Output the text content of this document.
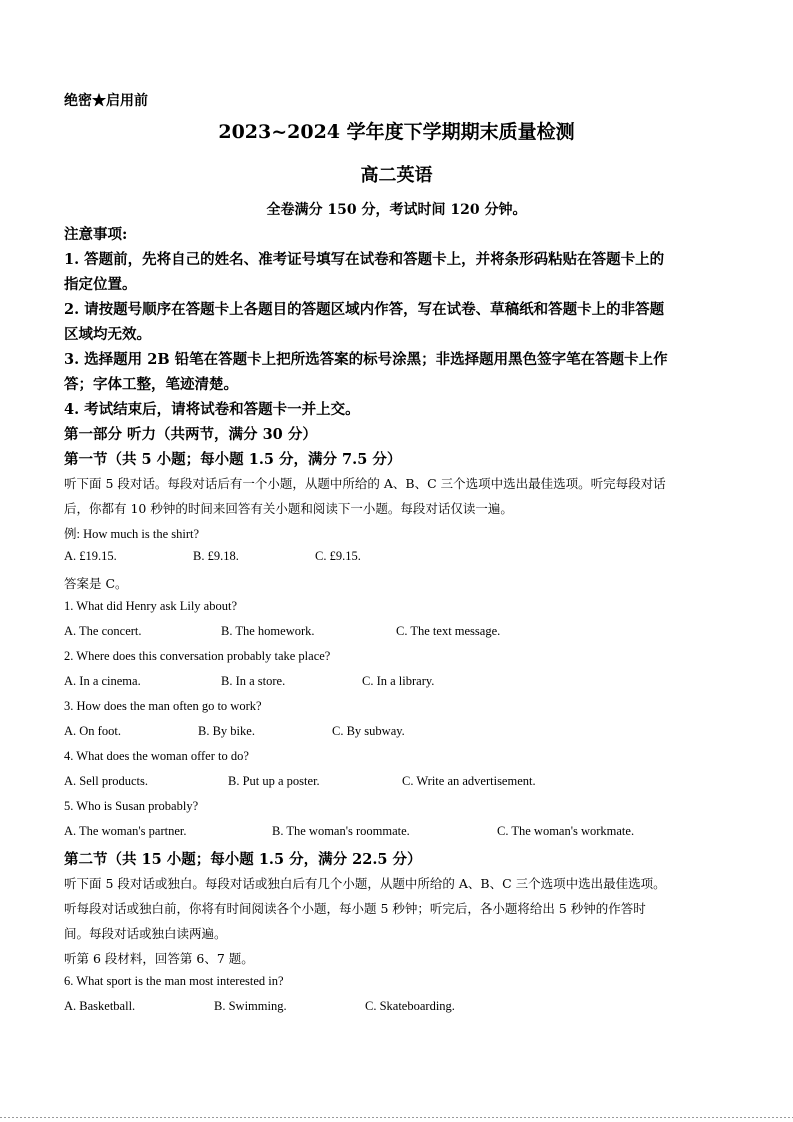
绝密★启用前
2023~2024 学年度下学期期末质量检测
高二英语
全卷满分 150 分，考试时间 120 分钟。
注意事项:
1. 答题前，先将自己的姓名、准考证号填写在试卷和答题卡上，并将条形码粘贴在答题卡上的
指定位置。
2. 请按题号顺序在答题卡上各题目的答题区域内作答，写在试卷、草稿纸和答题卡上的非答题
区域均无效。
3. 选择题用 2B 铅笔在答题卡上把所选答案的标号涂黑；非选择题用黑色签字笔在答题卡上作
答；字体工整，笔迹清楚。
4. 考试结束后，请将试卷和答题卡一并上交。
第一部分 听力（共两节，满分 30 分）
第一节（共 5 小题；每小题 1.5 分，满分 7.5 分）
听下面 5 段对话。每段对话后有一个小题，从题中所给的 A、B、C 三个选项中选出最佳选项。听完每段对话
后，你都有 10 秒钟的时间来回答有关小题和阅读下一小题。每段对话仅读一遍。
例: How much is the shirt?
A. £19.15.	B. £9.18.	C. £9.15.
答案是 C。
1. What did Henry ask Lily about?
A. The concert.	B. The homework.	C. The text message.
2. Where does this conversation probably take place?
A. In a cinema.	B. In a store.	C. In a library.
3. How does the man often go to work?
A. On foot.	B. By bike.	C. By subway.
4. What does the woman offer to do?
A. Sell products.	B. Put up a poster.	C. Write an advertisement.
5. Who is Susan probably?
A. The woman's partner.	B. The woman's roommate.	C. The woman's workmate.
第二节（共 15 小题；每小题 1.5 分，满分 22.5 分）
听下面 5 段对话或独白。每段对话或独白后有几个小题，从题中所给的 A、B、C 三个选项中选出最佳选项。
听每段对话或独白前，你将有时间阅读各个小题，每小题 5 秒钟；听完后，各小题将给出 5 秒钟的作答时
间。每段对话或独白读两遍。
听第 6 段材料，回答第 6、7 题。
6. What sport is the man most interested in?
A. Basketball.	B. Swimming.	C. Skateboarding.
